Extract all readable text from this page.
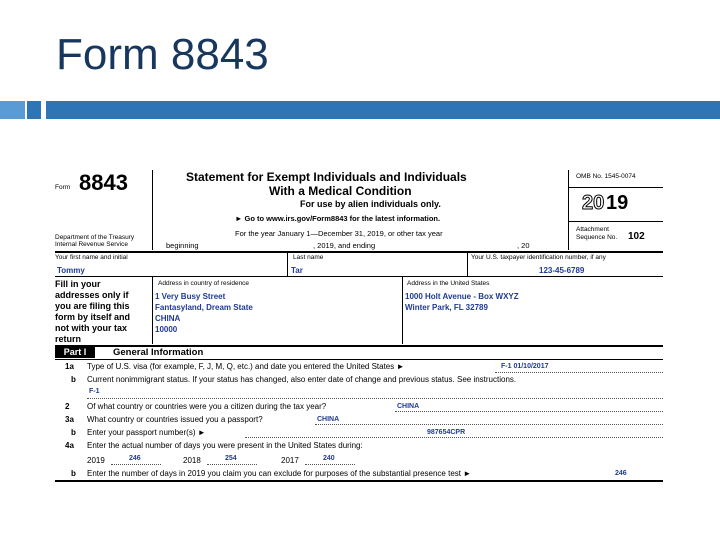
Form 8843
Form 8843
Department of the Treasury
Internal Revenue Service
Statement for Exempt Individuals and Individuals
With a Medical Condition
For use by alien individuals only.
► Go to www.irs.gov/Form8843 for the latest information.
For the year January 1—December 31, 2019, or other tax year
beginning	, 2019, and ending	, 20
OMB No. 1545-0074
20 19
Attachment
Sequence No. 102
Your first name and initial
Tommy
Last name
Tar
Your U.S. taxpayer identification number, if any
123-45-6789
Fill in your
addresses only if
you are filing this
form by itself and
not with your tax
return
Address in country of residence
1 Very Busy Street
Fantasyland, Dream State
CHINA
10000
Address in the United States
1000 Holt Avenue - Box WXYZ
Winter Park, FL 32789
Part I	General Information
1a Type of U.S. visa (for example, F, J, M, Q, etc.) and date you entered the United States ►	F-1 01/10/2017
b Current nonimmigrant status. If your status has changed, also enter date of change and previous status. See instructions.
F-1
2 Of what country or countries were you a citizen during the tax year?	CHINA
3a What country or countries issued you a passport?	CHINA
b Enter your passport number(s) ►	987654CPR
4a Enter the actual number of days you were present in the United States during:
2019	246	2018	254	2017	240
b Enter the number of days in 2019 you claim you can exclude for purposes of the substantial presence test ►	246
